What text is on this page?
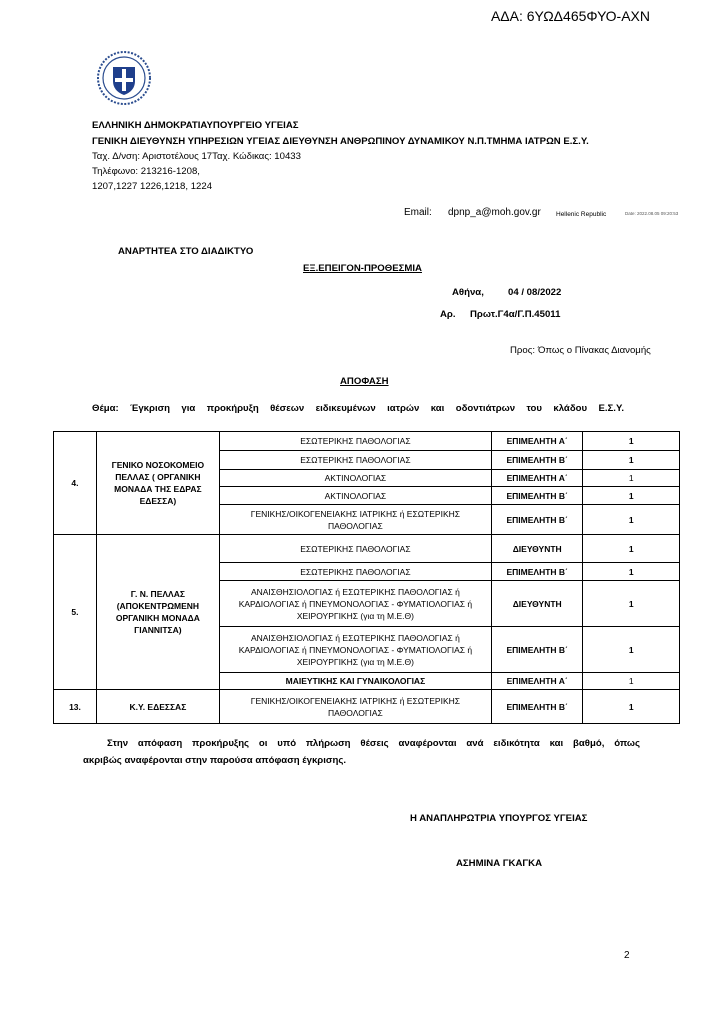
ΑΔΑ: 6ΥΩΔ465ΦΥΟ-ΑΧΝ
ΕΛΛΗΝΙΚΗ ΔΗΜΟΚΡΑΤΙΑΥΠΟΥΡΓΕΙΟ ΥΓΕΙΑΣ
ΓΕΝΙΚΗ ΔΙΕΥΘΥΝΣΗ ΥΠΗΡΕΣΙΩΝ ΥΓΕΙΑΣ ΔΙΕΥΘΥΝΣΗ ΑΝΘΡΩΠΙΝΟΥ ΔΥΝΑΜΙΚΟΥ Ν.Π.ΤΜΗΜΑ ΙΑΤΡΩΝ Ε.Σ.Υ.
Ταχ. Δ/νση: Αριστοτέλους 17Ταχ. Κώδικας: 10433
Τηλέφωνο: 213216-1208,
1207,1227 1226,1218, 1224
Email: dpnp_a@moh.gov.gr Hellenic Republic	Date: 2022.08.05 09:20:53
ΑΝΑΡΤΗΤΕΑ ΣΤΟ ΔΙΑΔΙΚΤΥΟ
ΕΞ.ΕΠΕΙΓΟΝ-ΠΡΟΘΕΣΜΙΑ
Αθήνα,	04 / 08/2022
Αρ. Πρωτ.Γ4α/Γ.Π.45011
Προς: Όπως ο Πίνακας Διανομής
ΑΠΟΦΑΣΗ
Θέμα: Έγκριση για προκήρυξη θέσεων ειδικευμένων ιατρών και οδοντιάτρων του κλάδου Ε.Σ.Υ.
4.	ΓΕΝΙΚΟ ΝΟΣΟΚΟΜΕΙΟ ΠΕΛΛΑΣ ( ΟΡΓΑΝΙΚΗ ΜΟΝΑΔΑ ΤΗΣ ΕΔΡΑΣ ΕΔΕΣΣΑ)	ΕΣΩΤΕΡΙΚΗΣ ΠΑΘΟΛΟΓΙΑΣ	ΕΠΙΜΕΛΗΤΗ Α΄	1
		ΕΣΩΤΕΡΙΚΗΣ ΠΑΘΟΛΟΓΙΑΣ	ΕΠΙΜΕΛΗΤΗ Β΄	1
		ΑΚΤΙΝΟΛΟΓΙΑΣ	ΕΠΙΜΕΛΗΤΗ Α΄	1
		ΑΚΤΙΝΟΛΟΓΙΑΣ	ΕΠΙΜΕΛΗΤΗ Β΄	1
		ΓΕΝΙΚΗΣ/ΟΙΚΟΓΕΝΕΙΑΚΗΣ ΙΑΤΡΙΚΗΣ ή ΕΣΩΤΕΡΙΚΗΣ ΠΑΘΟΛΟΓΙΑΣ	ΕΠΙΜΕΛΗΤΗ Β΄	1
5.	Γ. Ν. ΠΕΛΛΑΣ (ΑΠΟΚΕΝΤΡΩΜΕΝΗ ΟΡΓΑΝΙΚΗ ΜΟΝΑΔΑ ΓΙΑΝΝΙΤΣΑ)	ΕΣΩΤΕΡΙΚΗΣ ΠΑΘΟΛΟΓΙΑΣ	ΔΙΕΥΘΥΝΤΗ	1
		ΕΣΩΤΕΡΙΚΗΣ ΠΑΘΟΛΟΓΙΑΣ	ΕΠΙΜΕΛΗΤΗ Β΄	1
		ΑΝΑΙΣΘΗΣΙΟΛΟΓΙΑΣ ή ΕΣΩΤΕΡΙΚΗΣ ΠΑΘΟΛΟΓΙΑΣ ή ΚΑΡΔΙΟΛΟΓΙΑΣ ή ΠΝΕΥΜΟΝΟΛΟΓΙΑΣ - ΦΥΜΑΤΙΟΛΟΓΙΑΣ ή ΧΕΙΡΟΥΡΓΙΚΗΣ (για τη Μ.Ε.Θ)	ΔΙΕΥΘΥΝΤΗ	1
		ΑΝΑΙΣΘΗΣΙΟΛΟΓΙΑΣ ή ΕΣΩΤΕΡΙΚΗΣ ΠΑΘΟΛΟΓΙΑΣ ή ΚΑΡΔΙΟΛΟΓΙΑΣ ή ΠΝΕΥΜΟΝΟΛΟΓΙΑΣ - ΦΥΜΑΤΙΟΛΟΓΙΑΣ ή ΧΕΙΡΟΥΡΓΙΚΗΣ (για τη Μ.Ε.Θ)	ΕΠΙΜΕΛΗΤΗ Β΄	1
		ΜΑΙΕΥΤΙΚΗΣ ΚΑΙ ΓΥΝΑΙΚΟΛΟΓΙΑΣ	ΕΠΙΜΕΛΗΤΗ Α΄	1
13.	Κ.Υ. ΕΔΕΣΣΑΣ	ΓΕΝΙΚΗΣ/ΟΙΚΟΓΕΝΕΙΑΚΗΣ ΙΑΤΡΙΚΗΣ ή ΕΣΩΤΕΡΙΚΗΣ ΠΑΘΟΛΟΓΙΑΣ	ΕΠΙΜΕΛΗΤΗ Β΄	1
Στην απόφαση προκήρυξης οι υπό πλήρωση θέσεις αναφέρονται ανά ειδικότητα και βαθμό, όπως
ακριβώς αναφέρονται στην παρούσα απόφαση έγκρισης.
Η ΑΝΑΠΛΗΡΩΤΡΙΑ ΥΠΟΥΡΓΟΣ ΥΓΕΙΑΣ
ΑΣΗΜΙΝΑ ΓΚΑΓΚΑ
2
